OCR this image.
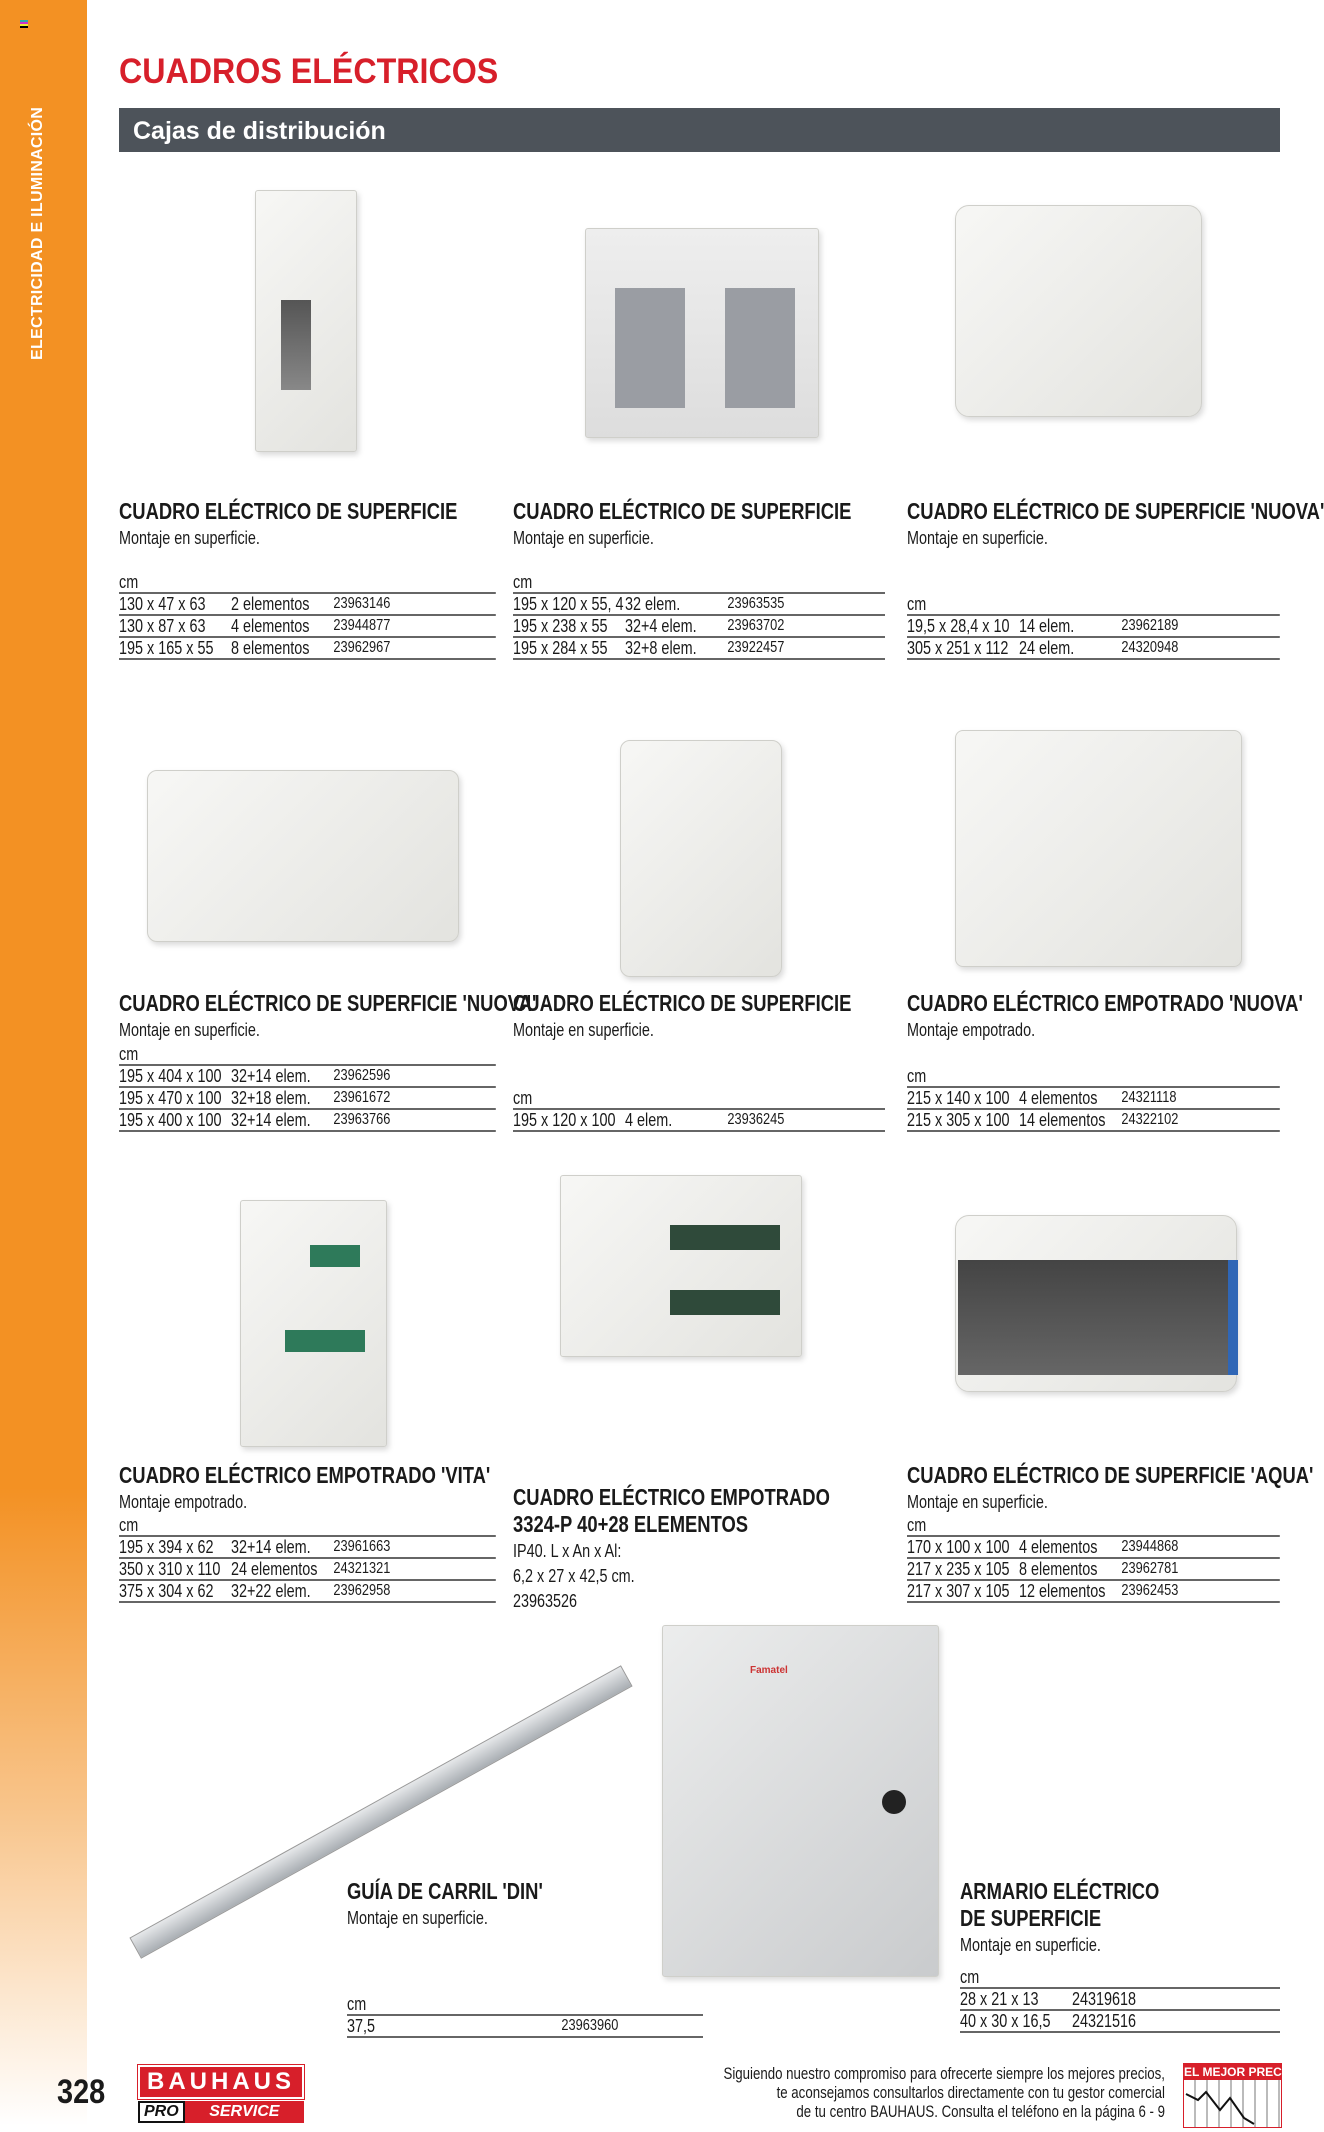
ELECTRICIDAD E ILUMINACIÓN
CUADROS ELÉCTRICOS
Cajas de distribución
Famatel
CUADRO ELÉCTRICO DE SUPERFICIE
Montaje en superficie.
cm
130 x 47 x 63	2 elementos	23963146
130 x 87 x 63	4 elementos	23944877
195 x 165 x 55 8 elementos	23962967
CUADRO ELÉCTRICO DE SUPERFICIE
Montaje en superficie.
cm
195 x 120 x 55, 4 32 elem.	23963535
195 x 238 x 55 32+4 elem.	23963702
195 x 284 x 55 32+8 elem.	23922457
CUADRO ELÉCTRICO DE SUPERFICIE 'NUOVA'
Montaje en superficie.
cm
19,5 x 28,4 x 10 14 elem.	23962189
305 x 251 x 112 24 elem.	24320948
CUADRO ELÉCTRICO DE SUPERFICIE 'NUOVA'
Montaje en superficie.
cm
195 x 404 x 100 32+14 elem.	23962596
195 x 470 x 100 32+18 elem.	23961672
195 x 400 x 100 32+14 elem.	23963766
CUADRO ELÉCTRICO DE SUPERFICIE
Montaje en superficie.
cm
195 x 120 x 100 4 elem.	23936245
CUADRO ELÉCTRICO EMPOTRADO 'NUOVA'
Montaje empotrado.
cm
215 x 140 x 100 4 elementos	24321118
215 x 305 x 100 14 elementos 24322102
CUADRO ELÉCTRICO EMPOTRADO 'VITA'
Montaje empotrado.
cm
195 x 394 x 62 32+14 elem.	23961663
350 x 310 x 110 24 elementos 24321321
375 x 304 x 62 32+22 elem.	23962958
CUADRO ELÉCTRICO EMPOTRADO
3324-P 40+28 ELEMENTOS
IP40. L x An x Al:
6,2 x 27 x 42,5 cm.
23963526
CUADRO ELÉCTRICO DE SUPERFICIE 'AQUA'
Montaje en superficie.
cm
170 x 100 x 100 4 elementos	23944868
217 x 235 x 105 8 elementos	23962781
217 x 307 x 105 12 elementos 23962453
GUÍA DE CARRIL 'DIN'
Montaje en superficie.
cm
37,5	23963960
ARMARIO ELÉCTRICO
DE SUPERFICIE
Montaje en superficie.
cm
28 x 21 x 13	24319618
40 x 30 x 16,5	24321516
328	BAUHAUS
PRO	SERVICE
Siguiendo nuestro compromiso para ofrecerte siempre los mejores precios,
te aconsejamos consultarlos directamente con tu gestor comercial
de tu centro BAUHAUS. Consulta el teléfono en la página 6 - 9
EL MEJOR PRECIO
